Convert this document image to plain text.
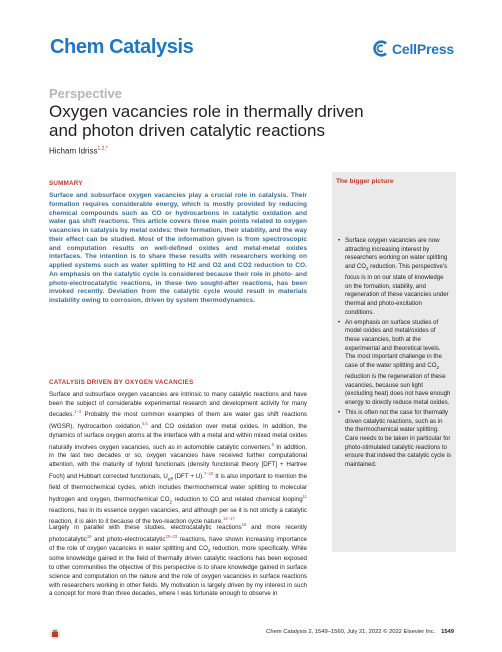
Chem Catalysis	CellPress
Perspective
Oxygen vacancies role in thermally driven and photon driven catalytic reactions
Hicham Idriss$^{1,2,*}$
SUMMARY
Surface and subsurface oxygen vacancies play a crucial role in catalysis. Their formation requires considerable energy, which is mostly provided by reducing chemical compounds such as CO or hydrocarbons in catalytic oxidation and water gas shift reactions. This article covers three main points related to oxygen vacancies in catalysis by metal oxides: their formation, their stability, and the way their effect can be studied. Most of the information given is from spectroscopic and computation results on well-defined oxides and metal-metal oxides interfaces. The intention is to share these results with researchers working on applied systems such as water splitting to H2 and O2 and CO2 reduction to CO. An emphasis on the catalytic cycle is considered because their role in photo- and photo-electrocatalytic reactions, in these two sought-after reactions, has been invoked recently. Deviation from the catalytic cycle would result in materials instability owing to corrosion, driven by system thermodynamics.
CATALYSIS DRIVEN BY OXYGEN VACANCIES
Surface and subsurface oxygen vacancies are intrinsic to many catalytic reactions and have been the subject of considerable experimental research and development activity for many decades.$^{1-3}$ Probably the most common examples of them are water gas shift reactions (WGSR), hydrocarbon oxidation,$^{4,5}$ and CO oxidation over metal oxides. In addition, the dynamics of surface oxygen atoms at the interface with a metal and within mixed metal oxides naturally involves oxygen vacancies, such as in automobile catalytic converters.$^6$ In addition, in the last two decades or so, oxygen vacancies have received further computational attention, with the maturity of hybrid functionals (density functional theory [DFT] + Hartree Foch) and Hubbart corrected functionals, $U_{eff}$ (DFT + U).$^{7-10}$ It is also important to mention the field of thermochemical cycles, which includes thermochemical water splitting to molecular hydrogen and oxygen, thermochemical $CO_2$ reduction to CO and related chemical looping$^{11}$ reactions, has in its essence oxygen vacancies, and although per se it is not strictly a catalytic reaction, it is akin to it because of the two-reaction cycle nature.$^{12-17}$
Largely in parallel with these studies, electrocatalytic reactions$^{18}$ and more recently photocatalytic$^{19}$ and photo-electrocatalytic$^{20-23}$ reactions, have shown increasing importance of the role of oxygen vacancies in water splitting and $CO_2$ reduction, more specifically. While some knowledge gained in the field of thermally driven catalytic reactions has been exposed to other communities the objective of this perspective is to share knowledge gained in surface science and computation on the nature and the role of oxygen vacancies in surface reactions with researchers working in other fields. My motivation is largely driven by my interest in such a concept for more than three decades, where I was fortunate enough to observe in
The bigger picture
• Surface oxygen vacancies are now attracting increasing interest by researchers working on water splitting and $CO_2$ reduction. This perspective’s focus is in on our state of knowledge on the formation, stability, and regeneration of these vacancies under thermal and photo-excitation conditions.
• An emphasis on surface studies of model oxides and metal/oxides of these vacancies, both at the experimental and theoretical levels. The most important challenge in the case of the water splitting and $CO_2$ reduction is the regeneration of these vacancies, because sun light (excluding heat) does not have enough energy to directly reduce metal oxides.
• This is often not the case for thermally driven catalytic reactions, such as in the thermochemical water splitting. Care needs to be taken in particular for photo-stimulated catalytic reactions to ensure that indeed the catalytic cycle is maintained.
Chem Catalysis 2, 1549–1560, July 21, 2022 © 2022 Elsevier Inc. 1549
